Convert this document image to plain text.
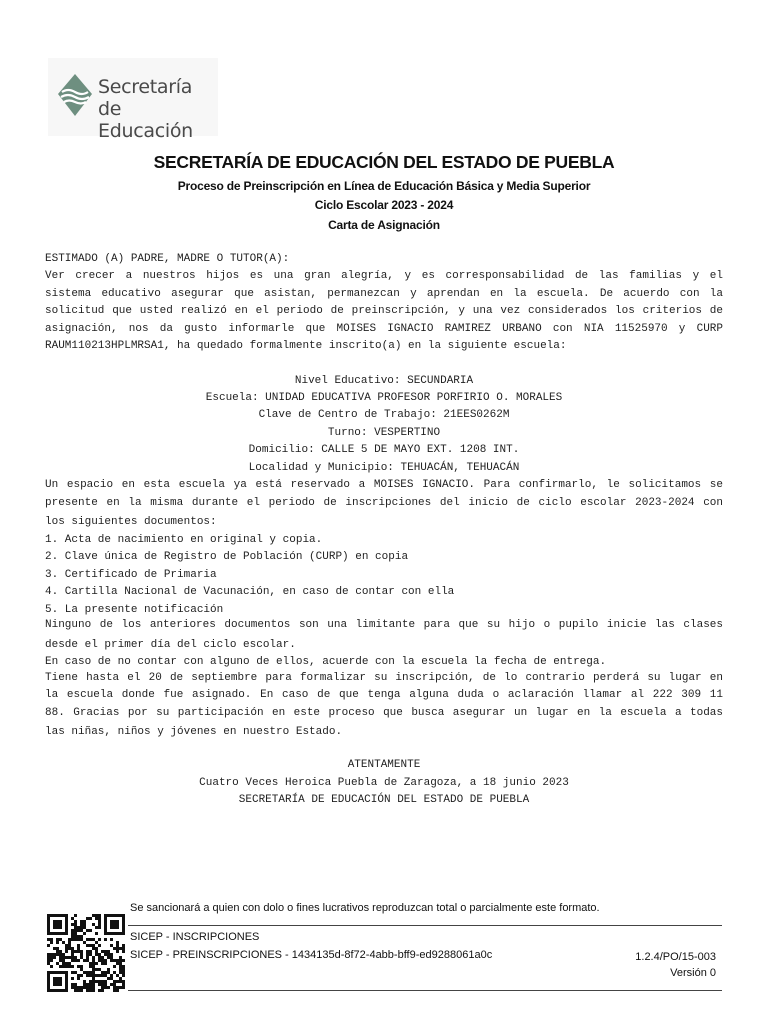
Secretaría
de Educación
SECRETARÍA DE EDUCACIÓN DEL ESTADO DE PUEBLA
Proceso de Preinscripción en Línea de Educación Básica y Media Superior
Ciclo Escolar 2023 - 2024
Carta de Asignación
ESTIMADO (A) PADRE, MADRE O TUTOR(A):
Ver crecer a nuestros hijos es una gran alegría, y es corresponsabilidad de las familias y el
sistema educativo asegurar que asistan, permanezcan y aprendan en la escuela. De acuerdo con la
solicitud que usted realizó en el periodo de preinscripción, y una vez considerados los criterios de
asignación, nos da gusto informarle que MOISES IGNACIO RAMIREZ URBANO con NIA 11525970 y CURP
RAUM110213HPLMRSA1, ha quedado formalmente inscrito(a) en la siguiente escuela:
Nivel Educativo: SECUNDARIA
Escuela: UNIDAD EDUCATIVA PROFESOR PORFIRIO O. MORALES
Clave de Centro de Trabajo: 21EES0262M
Turno: VESPERTINO
Domicilio: CALLE 5 DE MAYO EXT. 1208 INT.
Localidad y Municipio: TEHUACÁN, TEHUACÁN
Un espacio en esta escuela ya está reservado a MOISES IGNACIO. Para confirmarlo, le solicitamos se
presente en la misma durante el periodo de inscripciones del inicio de ciclo escolar 2023-2024 con
los siguientes documentos:
1. Acta de nacimiento en original y copia.
2. Clave única de Registro de Población (CURP) en copia
3. Certificado de Primaria
4. Cartilla Nacional de Vacunación, en caso de contar con ella
5. La presente notificación
Ninguno de los anteriores documentos son una limitante para que su hijo o pupilo inicie las clases
desde el primer día del ciclo escolar.
En caso de no contar con alguno de ellos, acuerde con la escuela la fecha de entrega.
Tiene hasta el 20 de septiembre para formalizar su inscripción, de lo contrario perderá su lugar en
la escuela donde fue asignado. En caso de que tenga alguna duda o aclaración llamar al 222 309 11
88. Gracias por su participación en este proceso que busca asegurar un lugar en la escuela a todas
las niñas, niños y jóvenes en nuestro Estado.
ATENTAMENTE
Cuatro Veces Heroica Puebla de Zaragoza, a 18 junio 2023
SECRETARÍA DE EDUCACIÓN DEL ESTADO DE PUEBLA
Se sancionará a quien con dolo o fines lucrativos reproduzcan total o parcialmente este formato.
SICEP - INSCRIPCIONES
SICEP - PREINSCRIPCIONES - 1434135d-8f72-4abb-bff9-ed9288061a0c	1.2.4/PO/15-003
Versión 0
